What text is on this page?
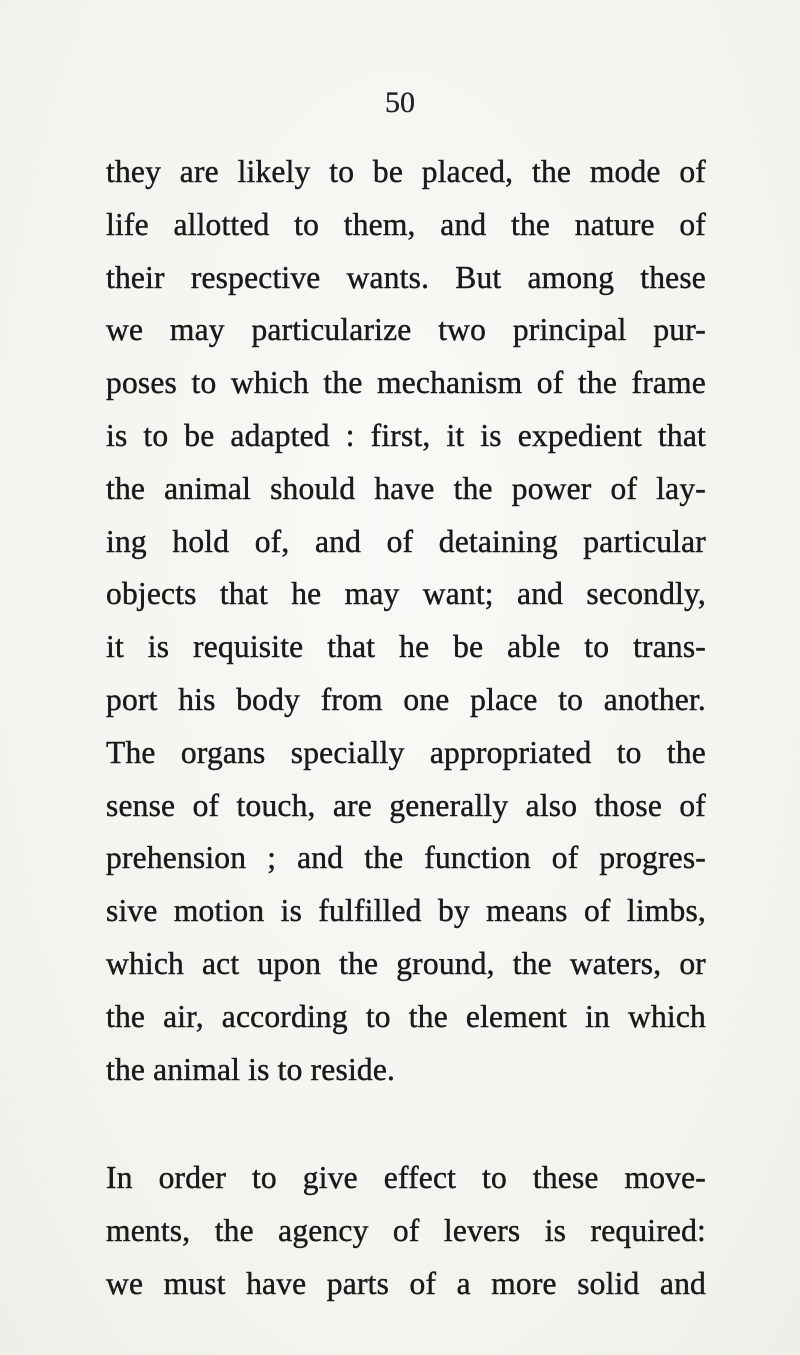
50
they are likely to be placed, the mode of
life allotted to them, and the nature of
their respective wants. But among these
we may particularize two principal pur-
poses to which the mechanism of the frame
is to be adapted : first, it is expedient that
the animal should have the power of lay-
ing hold of, and of detaining particular
objects that he may want; and secondly,
it is requisite that he be able to trans-
port his body from one place to another.
The organs specially appropriated to the
sense of touch, are generally also those of
prehension ; and the function of progres-
sive motion is fulfilled by means of limbs,
which act upon the ground, the waters, or
the air, according to the element in which
the animal is to reside.
In order to give effect to these move-
ments, the agency of levers is required:
we must have parts of a more solid and
